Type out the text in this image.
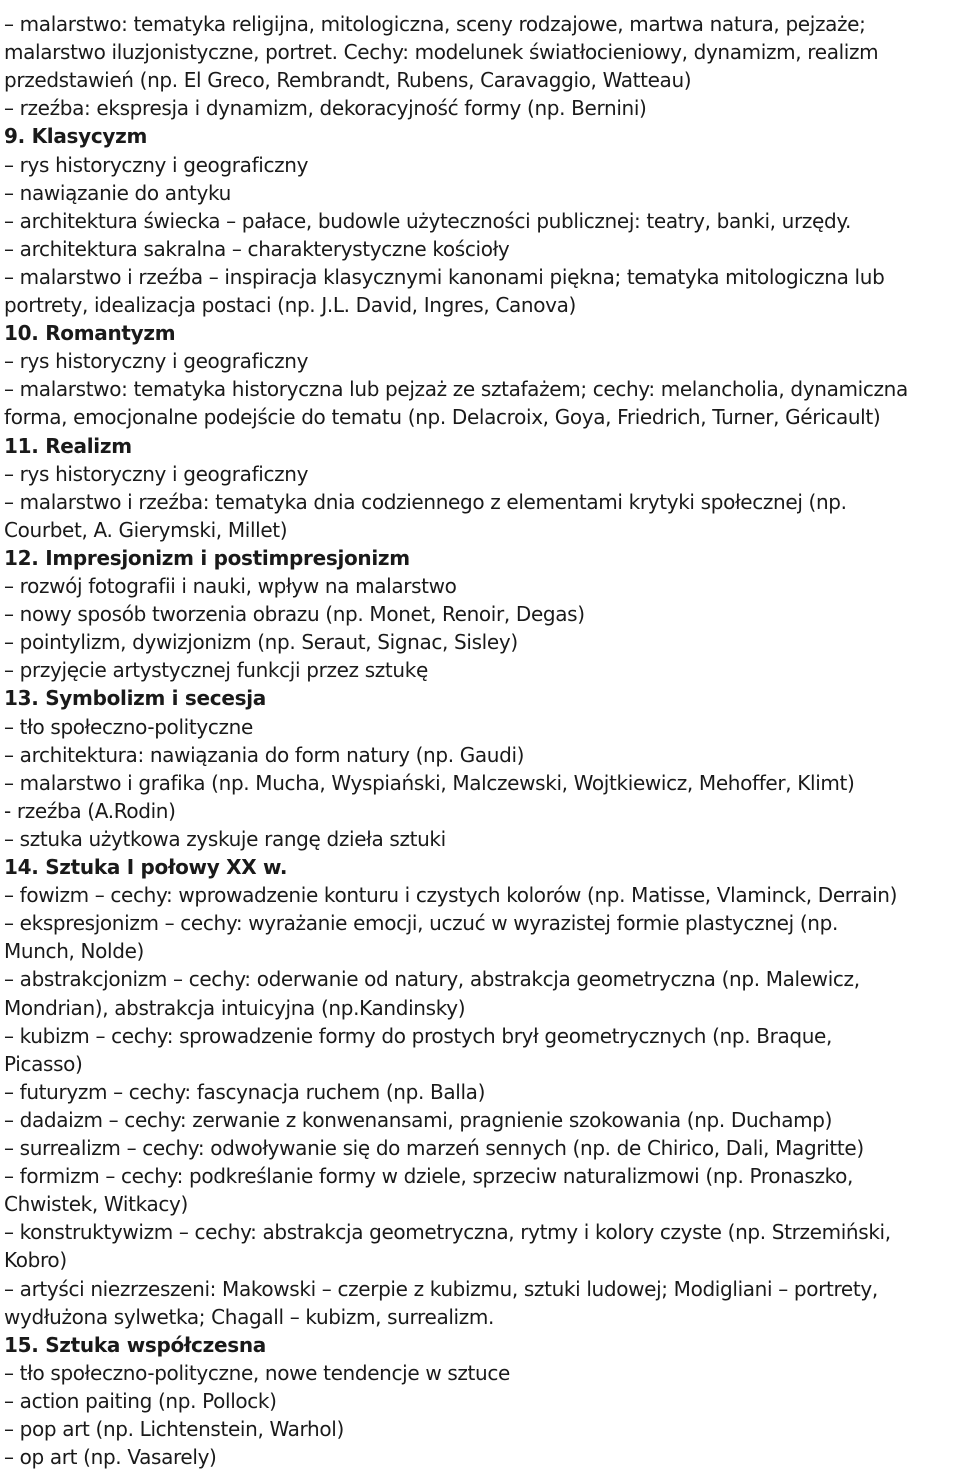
– malarstwo: tematyka religijna, mitologiczna, sceny rodzajowe, martwa natura, pejzaże;
malarstwo iluzjonistyczne, portret. Cechy: modelunek światłocieniowy, dynamizm, realizm
przedstawień (np. El Greco, Rembrandt, Rubens, Caravaggio, Watteau)
– rzeźba: ekspresja i dynamizm, dekoracyjność formy (np. Bernini)
9. Klasycyzm
– rys historyczny i geograficzny
– nawiązanie do antyku
– architektura świecka – pałace, budowle użyteczności publicznej: teatry, banki, urzędy.
– architektura sakralna – charakterystyczne kościoły
– malarstwo i rzeźba – inspiracja klasycznymi kanonami piękna; tematyka mitologiczna lub
portrety, idealizacja postaci (np. J.L. David, Ingres, Canova)
10. Romantyzm
– rys historyczny i geograficzny
– malarstwo: tematyka historyczna lub pejzaż ze sztafażem; cechy: melancholia, dynamiczna
forma, emocjonalne podejście do tematu (np. Delacroix, Goya, Friedrich, Turner, Géricault)
11. Realizm
– rys historyczny i geograficzny
– malarstwo i rzeźba: tematyka dnia codziennego z elementami krytyki społecznej (np.
Courbet, A. Gierymski, Millet)
12. Impresjonizm i postimpresjonizm
– rozwój fotografii i nauki, wpływ na malarstwo
– nowy sposób tworzenia obrazu (np. Monet, Renoir, Degas)
– pointylizm, dywizjonizm (np. Seraut, Signac, Sisley)
– przyjęcie artystycznej funkcji przez sztukę
13. Symbolizm i secesja
– tło społeczno-polityczne
– architektura: nawiązania do form natury (np. Gaudi)
– malarstwo i grafika (np. Mucha, Wyspiański, Malczewski, Wojtkiewicz, Mehoffer, Klimt)
- rzeźba (A.Rodin)
– sztuka użytkowa zyskuje rangę dzieła sztuki
14. Sztuka I połowy XX w.
– fowizm – cechy: wprowadzenie konturu i czystych kolorów (np. Matisse, Vlaminck, Derrain)
– ekspresjonizm – cechy: wyrażanie emocji, uczuć w wyrazistej formie plastycznej (np.
Munch, Nolde)
– abstrakcjonizm – cechy: oderwanie od natury, abstrakcja geometryczna (np. Malewicz,
Mondrian), abstrakcja intuicyjna (np.Kandinsky)
– kubizm – cechy: sprowadzenie formy do prostych brył geometrycznych (np. Braque,
Picasso)
– futuryzm – cechy: fascynacja ruchem (np. Balla)
– dadaizm – cechy: zerwanie z konwenansami, pragnienie szokowania (np. Duchamp)
– surrealizm – cechy: odwoływanie się do marzeń sennych (np. de Chirico, Dali, Magritte)
– formizm – cechy: podkreślanie formy w dziele, sprzeciw naturalizmowi (np. Pronaszko,
Chwistek, Witkacy)
– konstruktywizm – cechy: abstrakcja geometryczna, rytmy i kolory czyste (np. Strzemiński,
Kobro)
– artyści niezrzeszeni: Makowski – czerpie z kubizmu, sztuki ludowej; Modigliani – portrety,
wydłużona sylwetka; Chagall – kubizm, surrealizm.
15. Sztuka współczesna
– tło społeczno-polityczne, nowe tendencje w sztuce
– action paiting (np. Pollock)
– pop art (np. Lichtenstein, Warhol)
– op art (np. Vasarely)
